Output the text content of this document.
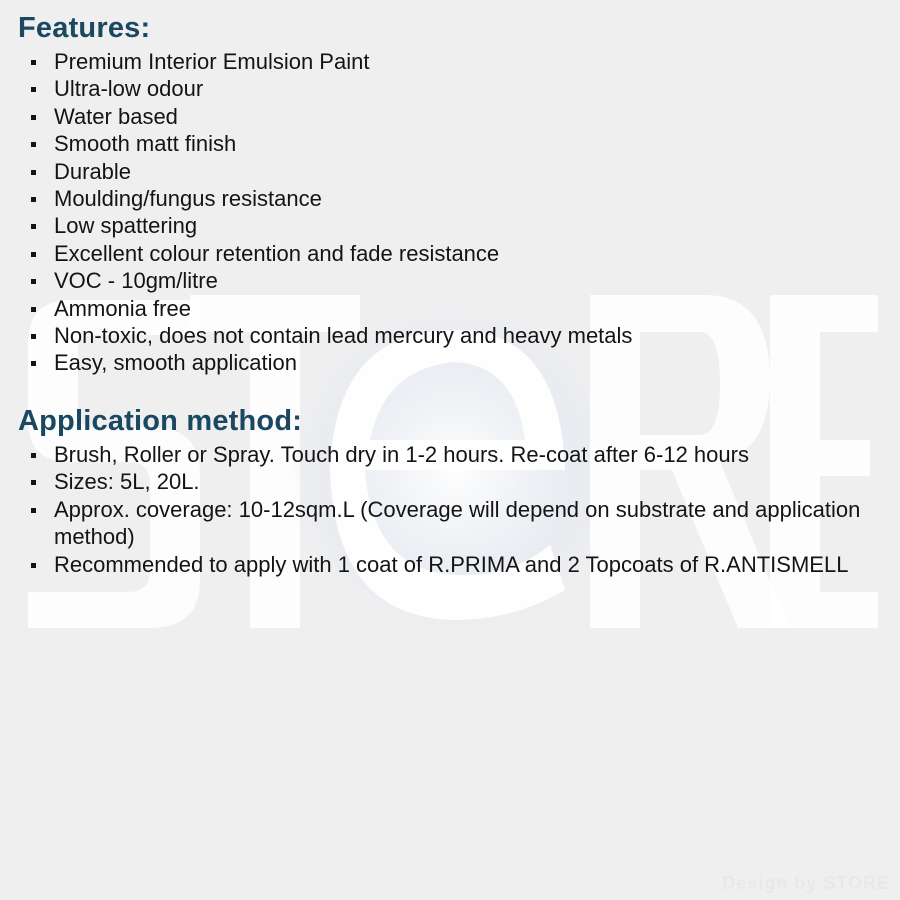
Features:
Premium Interior Emulsion Paint
Ultra-low odour
Water based
Smooth matt finish
Durable
Moulding/fungus resistance
Low spattering
Excellent colour retention and fade resistance
VOC - 10gm/litre
Ammonia free
Non-toxic, does not contain lead mercury and heavy metals
Easy, smooth application
Application method:
Brush, Roller or Spray. Touch dry in 1-2 hours. Re-coat after 6-12 hours
Sizes: 5L, 20L.
Approx. coverage: 10-12sqm.L (Coverage will depend on substrate and application method)
Recommended to apply with 1 coat of R.PRIMA and 2 Topcoats of R.ANTISMELL
Design by STORE
